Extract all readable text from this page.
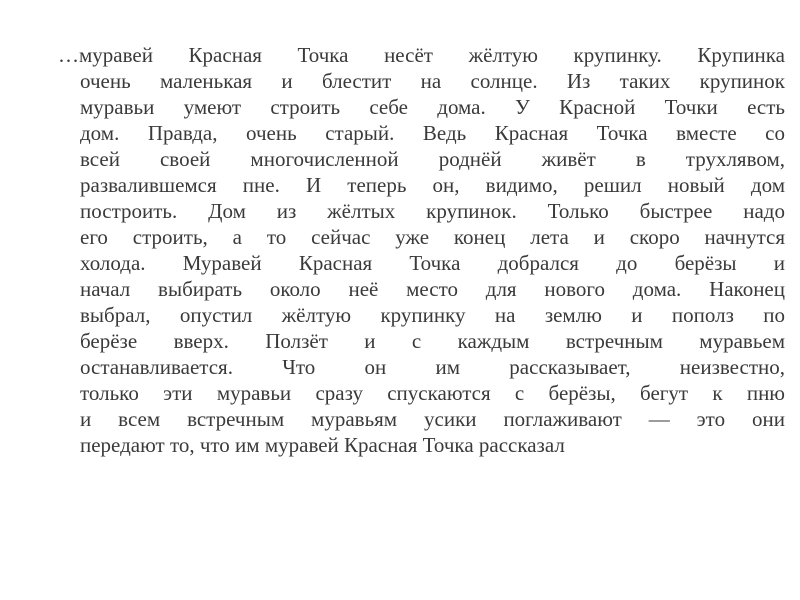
…муравей Красная Точка несёт жёлтую крупинку. Крупинка
очень маленькая и блестит на солнце. Из таких крупинок
муравьи умеют строить себе дома. У Красной Точки есть
дом. Правда, очень старый. Ведь Красная Точка вместе со
всей своей многочисленной роднёй живёт в трухлявом,
развалившемся пне. И теперь он, видимо, решил новый дом
построить. Дом из жёлтых крупинок. Только быстрее надо
его строить, а то сейчас уже конец лета и скоро начнутся
холода. Муравей Красная Точка добрался до берёзы и
начал выбирать около неё место для нового дома. Наконец
выбрал, опустил жёлтую крупинку на землю и пополз по
берёзе вверх. Ползёт и с каждым встречным муравьем
останавливается. Что он им рассказывает, неизвестно,
только эти муравьи сразу спускаются с берёзы, бегут к пню
и всем встречным муравьям усики поглаживают — это они
передают то, что им муравей Красная Точка рассказал
